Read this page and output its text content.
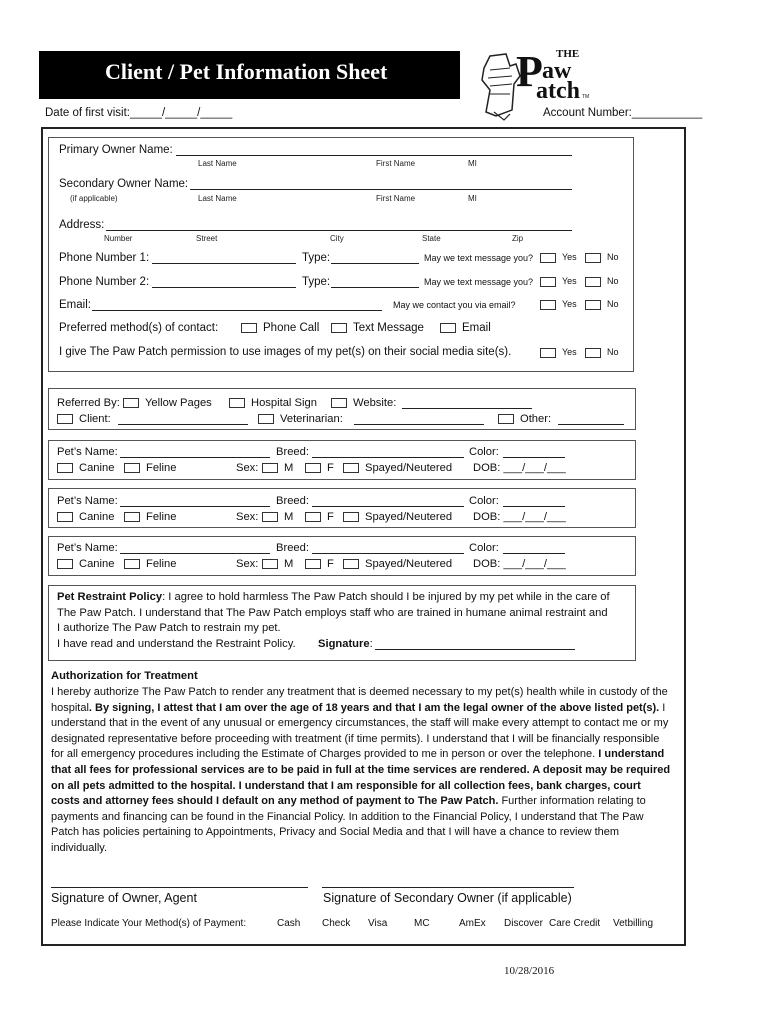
Client / Pet Information Sheet
THE
P aw
atch TM
Date of first visit:_____/_____/_____	Account Number:___________
Primary Owner Name:
Last Name	First Name	MI
Secondary Owner Name:
(if applicable)	Last Name	First Name	MI
Address:
Number	Street	City	State	Zip
Phone Number 1:	Type:	May we text message you?	Yes	No
Phone Number 2:	Type:	May we text message you?	Yes	No
Email:	May we contact you via email?	Yes	No
Preferred method(s) of contact:	Phone Call	Text Message	Email
I give The Paw Patch permission to use images of my pet(s) on their social media site(s).	Yes	No
Referred By:	Yellow Pages	Hospital Sign	Website:
Client:	Veterinarian:	Other:
Pet’s Name:	Breed:	Color:
Canine	Feline	Sex:	M	F	Spayed/Neutered DOB: ___/___/___
Pet’s Name:	Breed:	Color:
Canine	Feline	Sex:	M	F	Spayed/Neutered DOB: ___/___/___
Pet’s Name:	Breed:	Color:
Canine	Feline	Sex:	M	F	Spayed/Neutered DOB: ___/___/___
Pet Restraint Policy: I agree to hold harmless The Paw Patch should I be injured by my pet while in the care of
The Paw Patch. I understand that The Paw Patch employs staff who are trained in humane animal restraint and
I authorize The Paw Patch to restrain my pet.
I have read and understand the Restraint Policy. Signature:
Authorization for Treatment
I hereby authorize The Paw Patch to render any treatment that is deemed necessary to my pet(s) health while in custody of the hospital. By signing, I attest that I am over the age of 18 years and that I am the legal owner of the above listed pet(s). I understand that in the event of any unusual or emergency circumstances, the staff will make every attempt to contact me or my designated representative before proceeding with treatment (if time permits). I understand that I will be financially responsible for all emergency procedures including the Estimate of Charges provided to me in person or over the telephone. I understand that all fees for professional services are to be paid in full at the time services are rendered. A deposit may be required on all pets admitted to the hospital. I understand that I am responsible for all collection fees, bank charges, court costs and attorney fees should I default on any method of payment to The Paw Patch. Further information relating to payments and financing can be found in the Financial Policy. In addition to the Financial Policy, I understand that The Paw Patch has policies pertaining to Appointments, Privacy and Social Media and that I will have a chance to review them individually.
Signature of Owner, Agent	Signature of Secondary Owner (if applicable)
Please Indicate Your Method(s) of Payment:	Cash Check Visa	MC	AmEx Discover Care Credit Vetbilling
10/28/2016
